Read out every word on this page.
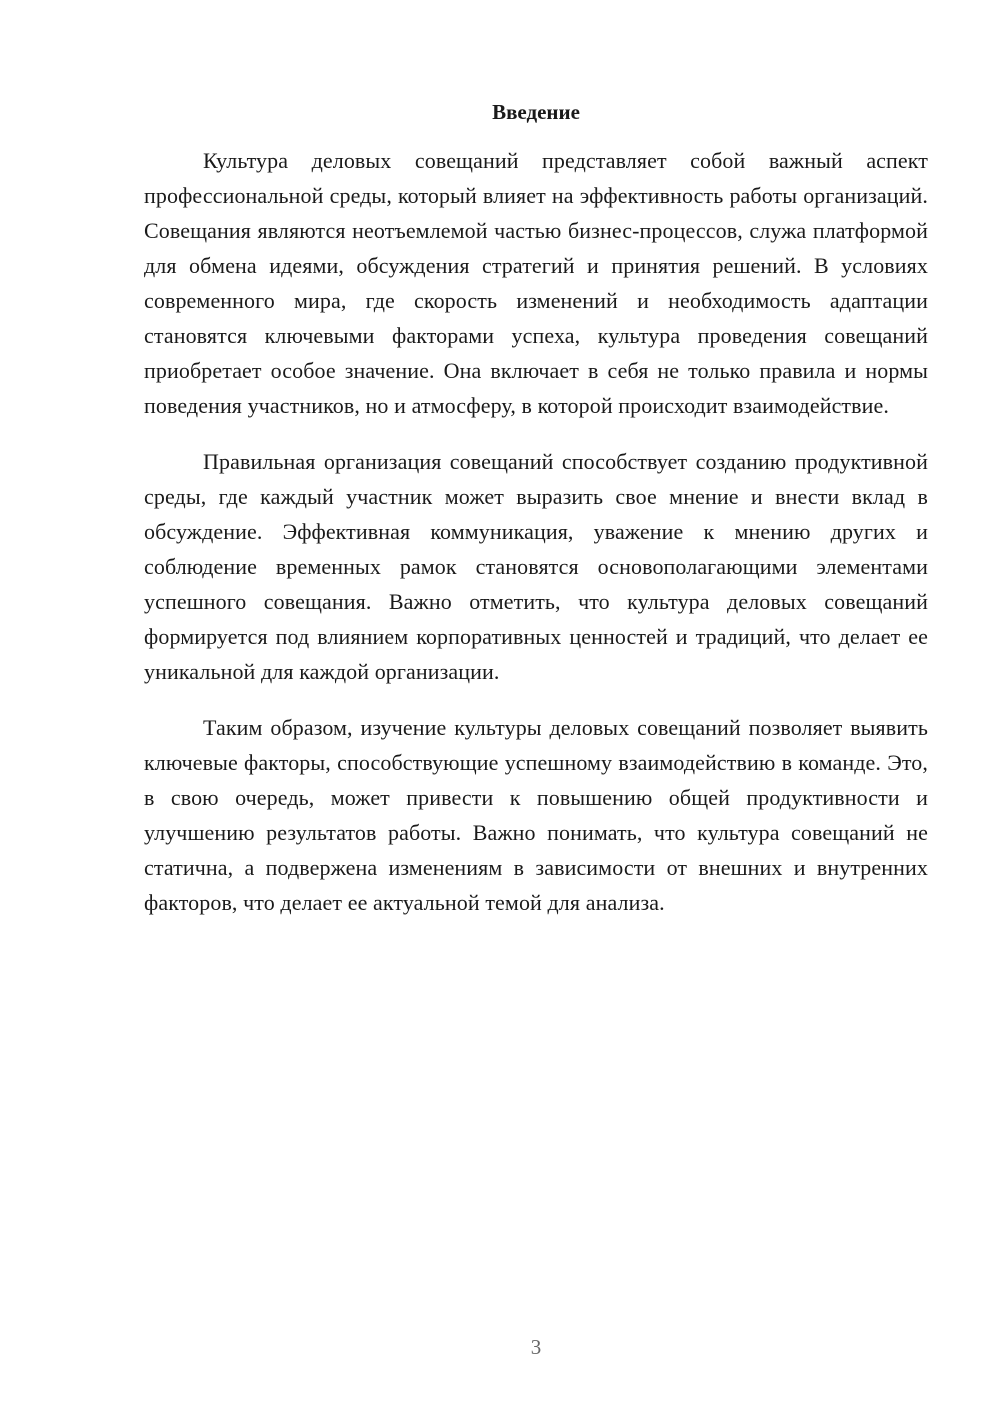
Введение

Культура деловых совещаний представляет собой важный аспект профессиональной среды, который влияет на эффективность работы организаций. Совещания являются неотъемлемой частью бизнес-процессов, служа платформой для обмена идеями, обсуждения стратегий и принятия решений. В условиях современного мира, где скорость изменений и необходимость адаптации становятся ключевыми факторами успеха, культура проведения совещаний приобретает особое значение. Она включает в себя не только правила и нормы поведения участников, но и атмосферу, в которой происходит взаимодействие.

Правильная организация совещаний способствует созданию продуктивной среды, где каждый участник может выразить свое мнение и внести вклад в обсуждение. Эффективная коммуникация, уважение к мнению других и соблюдение временных рамок становятся основополагающими элементами успешного совещания. Важно отметить, что культура деловых совещаний формируется под влиянием корпоративных ценностей и традиций, что делает ее уникальной для каждой организации.

Таким образом, изучение культуры деловых совещаний позволяет выявить ключевые факторы, способствующие успешному взаимодействию в команде. Это, в свою очередь, может привести к повышению общей продуктивности и улучшению результатов работы. Важно понимать, что культура совещаний не статична, а подвержена изменениям в зависимости от внешних и внутренних факторов, что делает ее актуальной темой для анализа.

3
